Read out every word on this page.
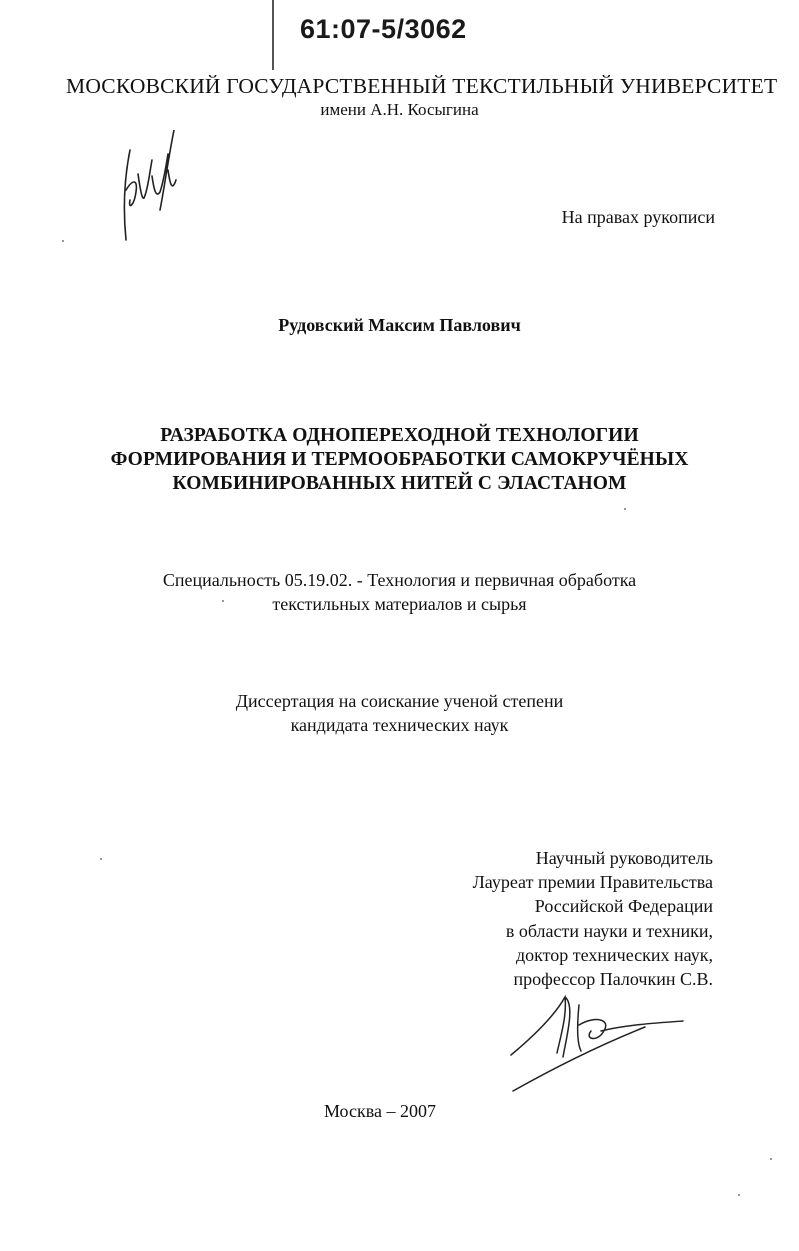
61:07-5/3062
МОСКОВСКИЙ ГОСУДАРСТВЕННЫЙ ТЕКСТИЛЬНЫЙ УНИВЕРСИТЕТ
имени А.Н. Косыгина
На правах рукописи
Рудовский Максим Павлович
РАЗРАБОТКА ОДНОПЕРЕХОДНОЙ ТЕХНОЛОГИИ
ФОРМИРОВАНИЯ И ТЕРМООБРАБОТКИ САМОКРУЧЁНЫХ
КОМБИНИРОВАННЫХ НИТЕЙ С ЭЛАСТАНОМ
Специальность 05.19.02. - Технология и первичная обработка
текстильных материалов и сырья
Диссертация на соискание ученой степени
кандидата технических наук
Научный руководитель
Лауреат премии Правительства
Российской Федерации
в области науки и техники,
доктор технических наук,
профессор Палочкин С.В.
Москва – 2007
